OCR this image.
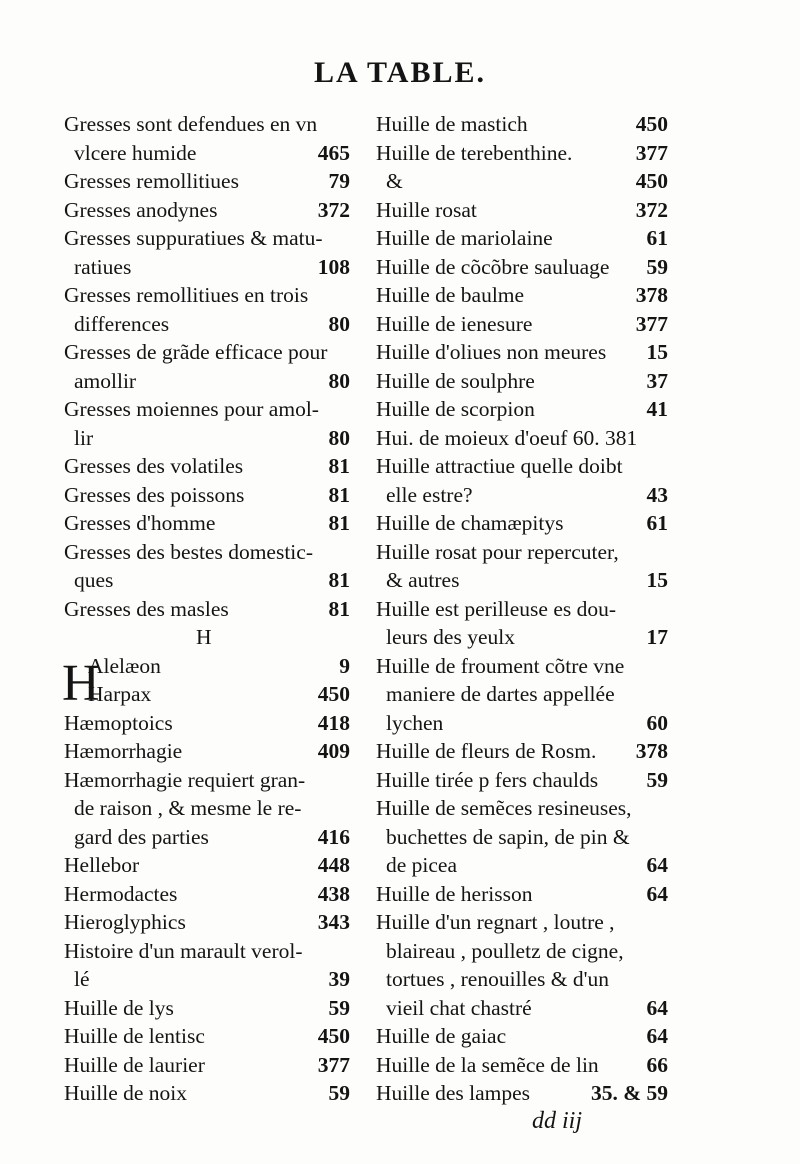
LA TABLE.
Gresses sont defendues en vn
vlcere humide	465
Gresses remollitiues	79
Gresses anodynes	372
Gresses suppuratiues & matu-
ratiues	108
Gresses remollitiues en trois
differences	80
Gresses de grãde efficace pour
amollir	80
Gresses moiennes pour amol-
lir	80
Gresses des volatiles	81
Gresses des poissons	81
Gresses d'homme	81
Gresses des bestes domestic-
ques	81
Gresses des masles	81
H
H
Alelæon	9
Harpax	450
Hæmoptoics	418
Hæmorrhagie	409
Hæmorrhagie requiert gran-
de raison , & mesme le re-
gard des parties	416
Hellebor	448
Hermodactes	438
Hieroglyphics	343
Histoire d'un marault verol-
lé	39
Huille de lys	59
Huille de lentisc	450
Huille de laurier	377
Huille de noix	59
Huille de mastich	450
Huille de terebenthine.	377
&	450
Huille rosat	372
Huille de mariolaine	61
Huille de cõcõbre sauluage 59
Huille de baulme	378
Huille de ienesure	377
Huille d'oliues non meures 15
Huille de soulphre	37
Huille de scorpion	41
Hui. de moieux d'oeuf 60. 381
Huille attractiue quelle doibt
elle estre?	43
Huille de chamæpitys	61
Huille rosat pour repercuter,
& autres	15
Huille est perilleuse es dou-
leurs des yeulx	17
Huille de froument cõtre vne
maniere de dartes appellée
lychen	60
Huille de fleurs de Rosm. 378
Huille tirée p fers chaulds 59
Huille de semẽces resineuses,
buchettes de sapin, de pin &
de picea	64
Huille de herisson	64
Huille d'un regnart , loutre ,
blaireau , poulletz de cigne,
tortues , renouilles & d'un
vieil chat chastré	64
Huille de gaiac	64
Huille de la semẽce de lin 66
Huille des lampes	35. & 59
dd iij
